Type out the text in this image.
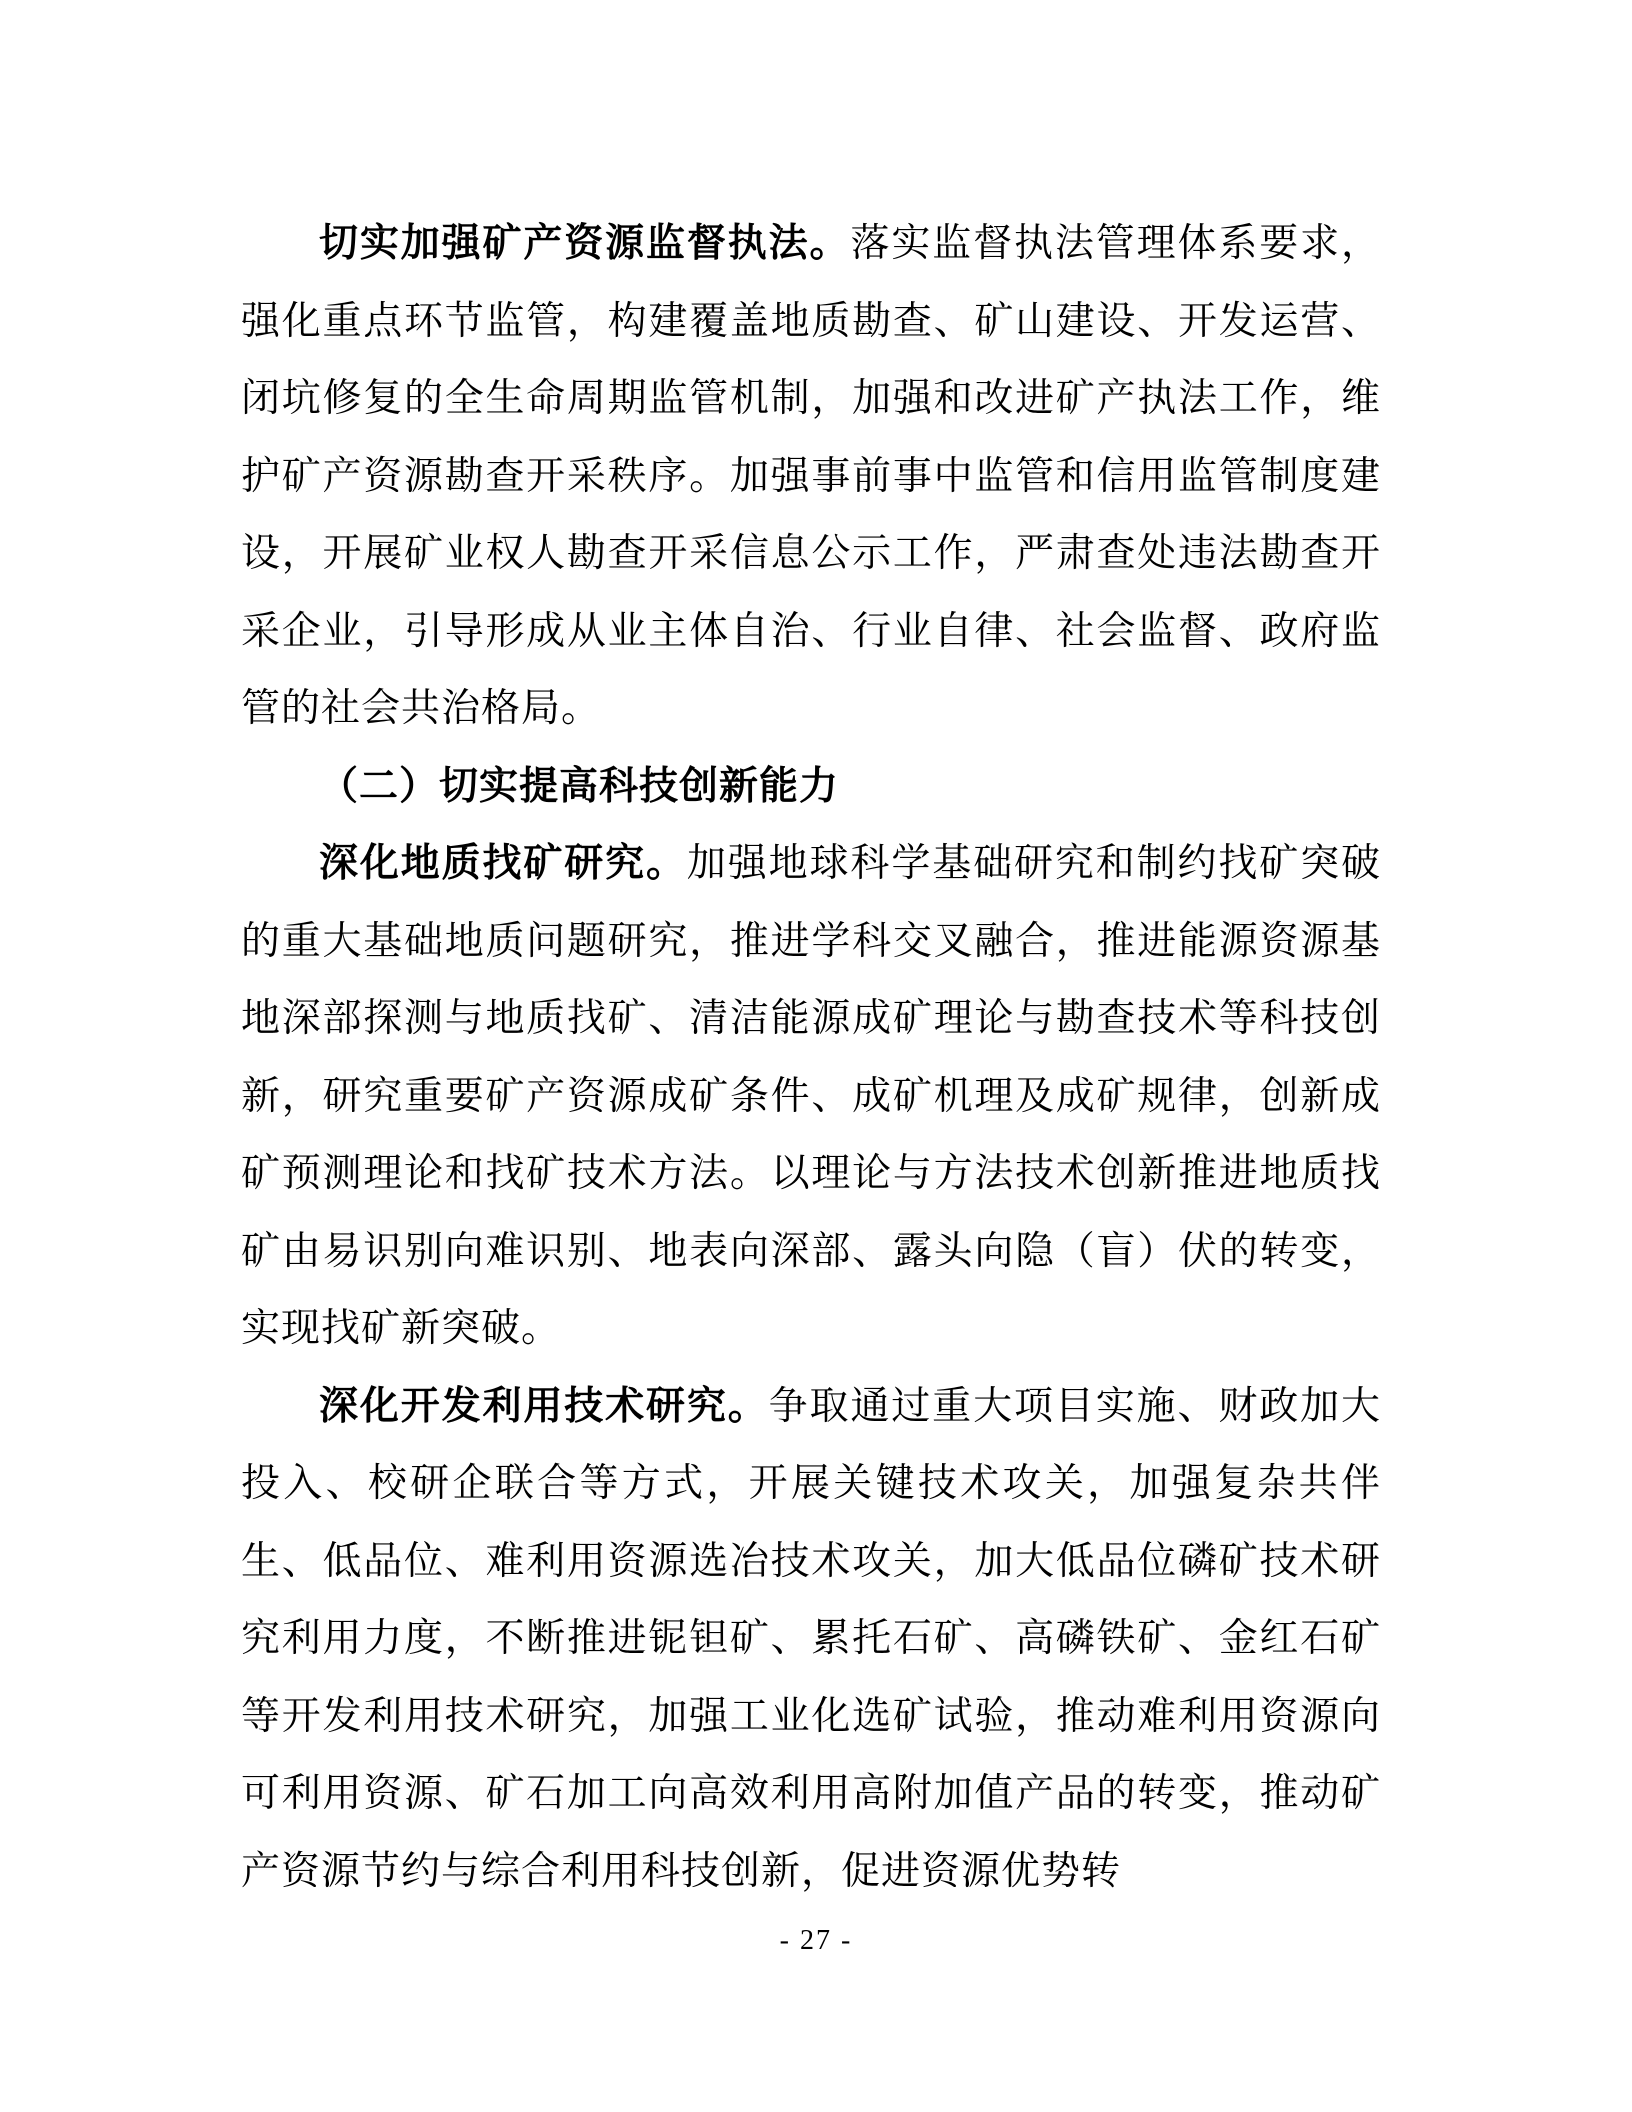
切实加强矿产资源监督执法。落实监督执法管理体系要求，强化重点环节监管，构建覆盖地质勘查、矿山建设、开发运营、闭坑修复的全生命周期监管机制，加强和改进矿产执法工作，维护矿产资源勘查开采秩序。加强事前事中监管和信用监管制度建设，开展矿业权人勘查开采信息公示工作，严肃查处违法勘查开采企业，引导形成从业主体自治、行业自律、社会监督、政府监管的社会共治格局。

（二）切实提高科技创新能力

深化地质找矿研究。加强地球科学基础研究和制约找矿突破的重大基础地质问题研究，推进学科交叉融合，推进能源资源基地深部探测与地质找矿、清洁能源成矿理论与勘查技术等科技创新，研究重要矿产资源成矿条件、成矿机理及成矿规律，创新成矿预测理论和找矿技术方法。以理论与方法技术创新推进地质找矿由易识别向难识别、地表向深部、露头向隐（盲）伏的转变，实现找矿新突破。

深化开发利用技术研究。争取通过重大项目实施、财政加大投入、校研企联合等方式，开展关键技术攻关，加强复杂共伴生、低品位、难利用资源选冶技术攻关，加大低品位磷矿技术研究利用力度，不断推进铌钽矿、累托石矿、高磷铁矿、金红石矿等开发利用技术研究，加强工业化选矿试验，推动难利用资源向可利用资源、矿石加工向高效利用高附加值产品的转变，推动矿产资源节约与综合利用科技创新，促进资源优势转

- 27 -
